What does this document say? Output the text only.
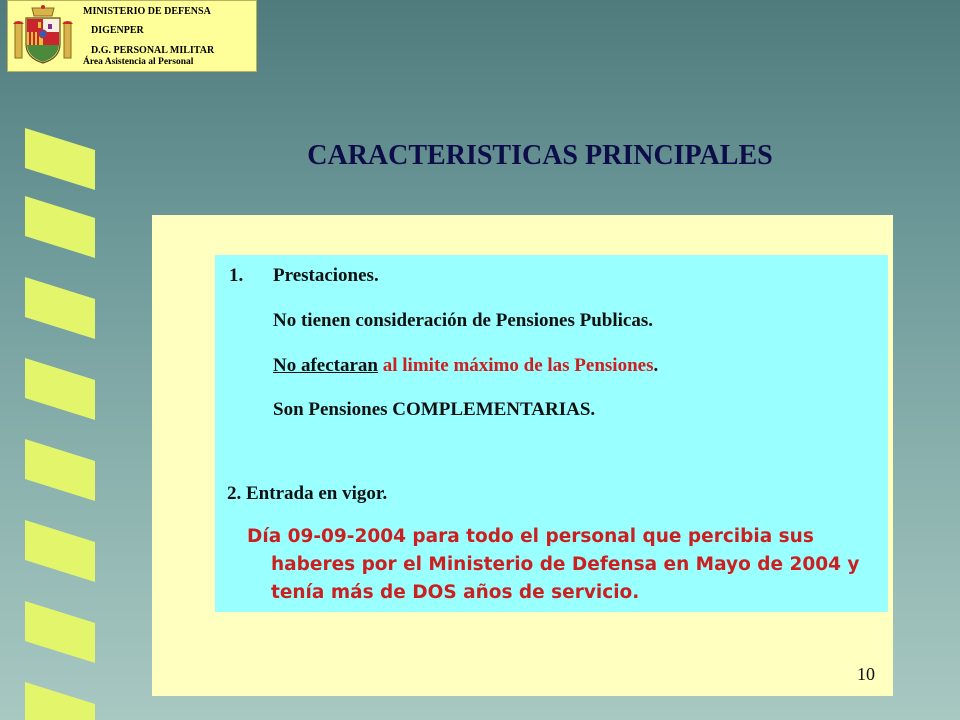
MINISTERIO DE DEFENSA
DIGENPER
D.G. PERSONAL MILITAR
Área Asistencia al Personal
CARACTERISTICAS PRINCIPALES
1. Prestaciones.
No tienen consideración de Pensiones Publicas.
No afectaran al limite máximo de las Pensiones.
Son Pensiones COMPLEMENTARIAS.
2. Entrada en vigor.
Día 09-09-2004 para todo el personal que percibia sus haberes por el Ministerio de Defensa en Mayo de 2004 y tenía más de DOS años de servicio.
10
